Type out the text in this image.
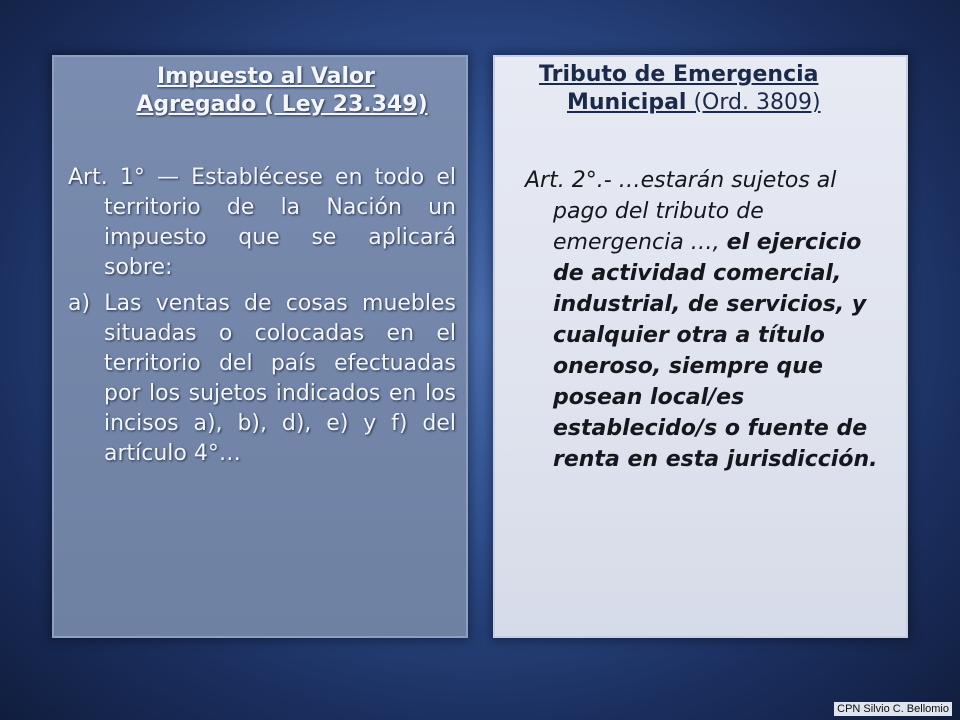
Impuesto al Valor Agregado ( Ley 23.349)

Art. 1° — Establécese en todo el territorio de la Nación un impuesto que se aplicará sobre:

a) Las ventas de cosas muebles situadas o colocadas en el territorio del país efectuadas por los sujetos indicados en los incisos a), b), d), e) y f) del artículo 4°…

Tributo de Emergencia Municipal (Ord. 3809)

Art. 2°.- …estarán sujetos al pago del tributo de emergencia …, el ejercicio de actividad comercial, industrial, de servicios, y cualquier otra a título oneroso, siempre que posean local/es establecido/s o fuente de renta en esta jurisdicción.

CPN Silvio C. Bellomio
